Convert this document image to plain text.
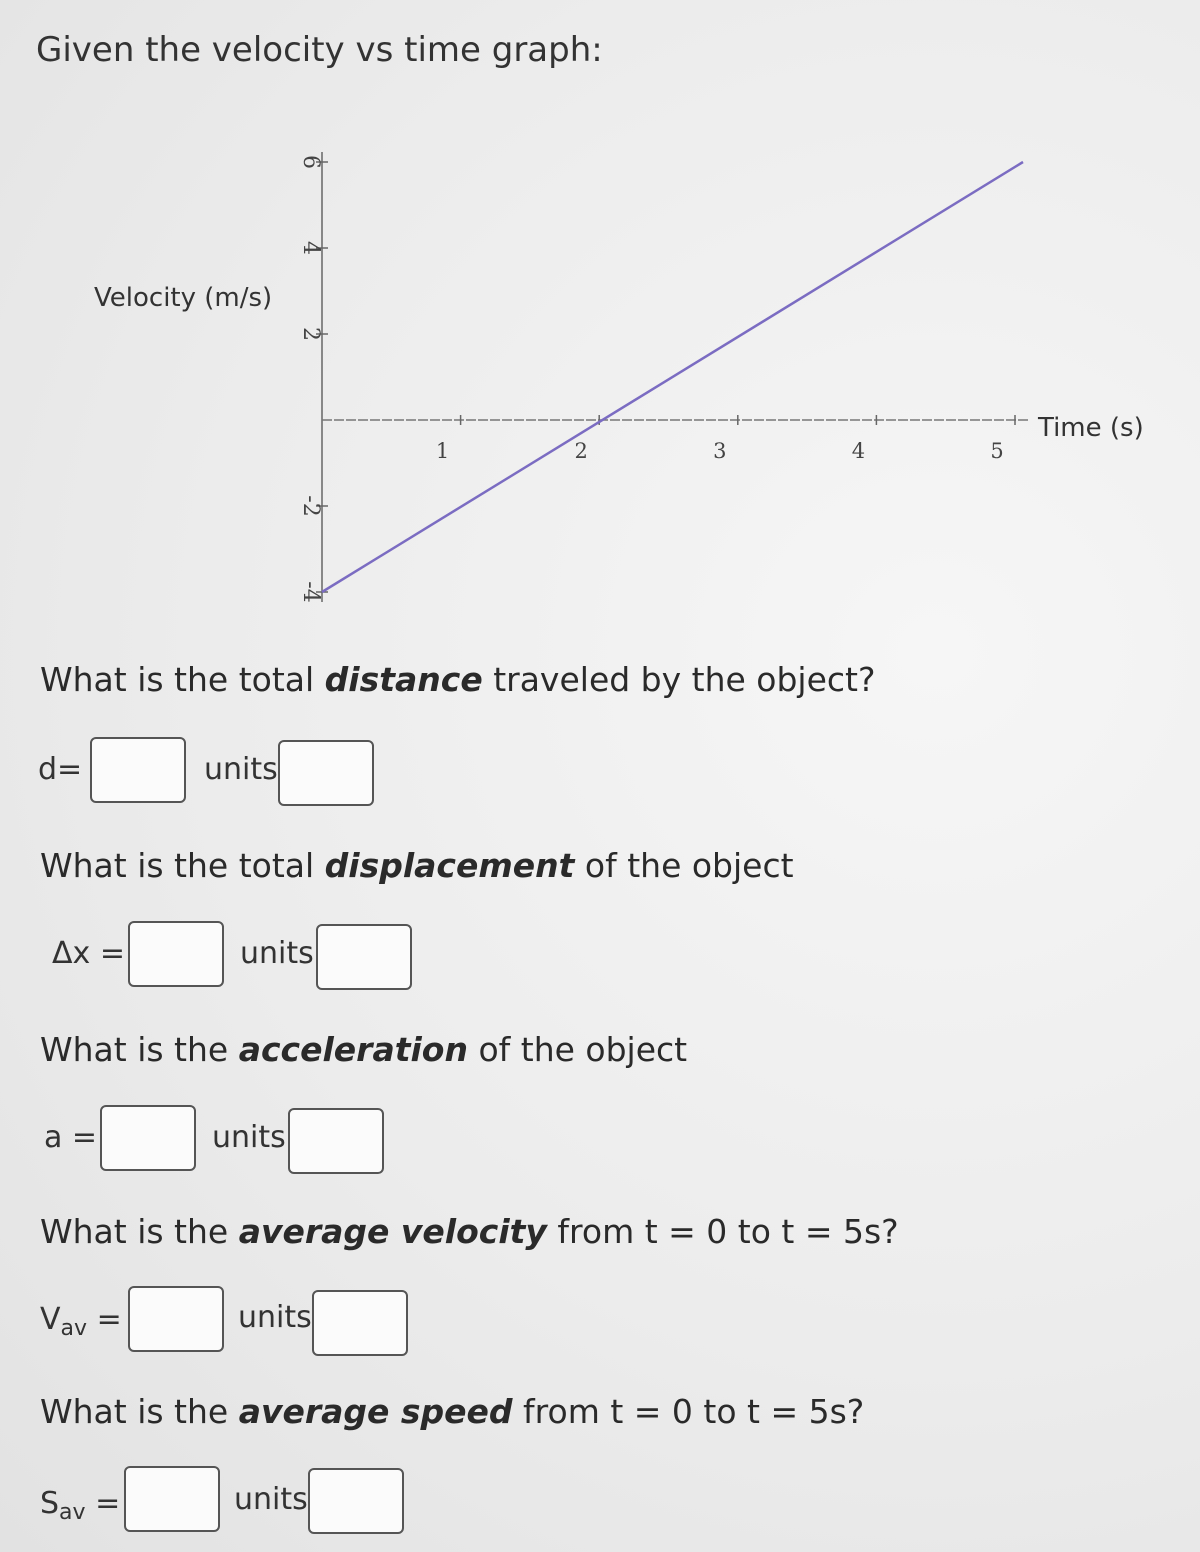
Given the velocity vs time graph:
6
4
2
-2
-4
1	2	3	4	5
Velocity (m/s)
Time (s)
What is the total distance traveled by the object?
d=	units
What is the total displacement of the object
Δx =	units
What is the acceleration of the object
a =	units
What is the average velocity from t = 0 to t = 5s?
$V_{av}$ =	units
What is the average speed from t = 0 to t = 5s?
$S_{av}$ =	units
